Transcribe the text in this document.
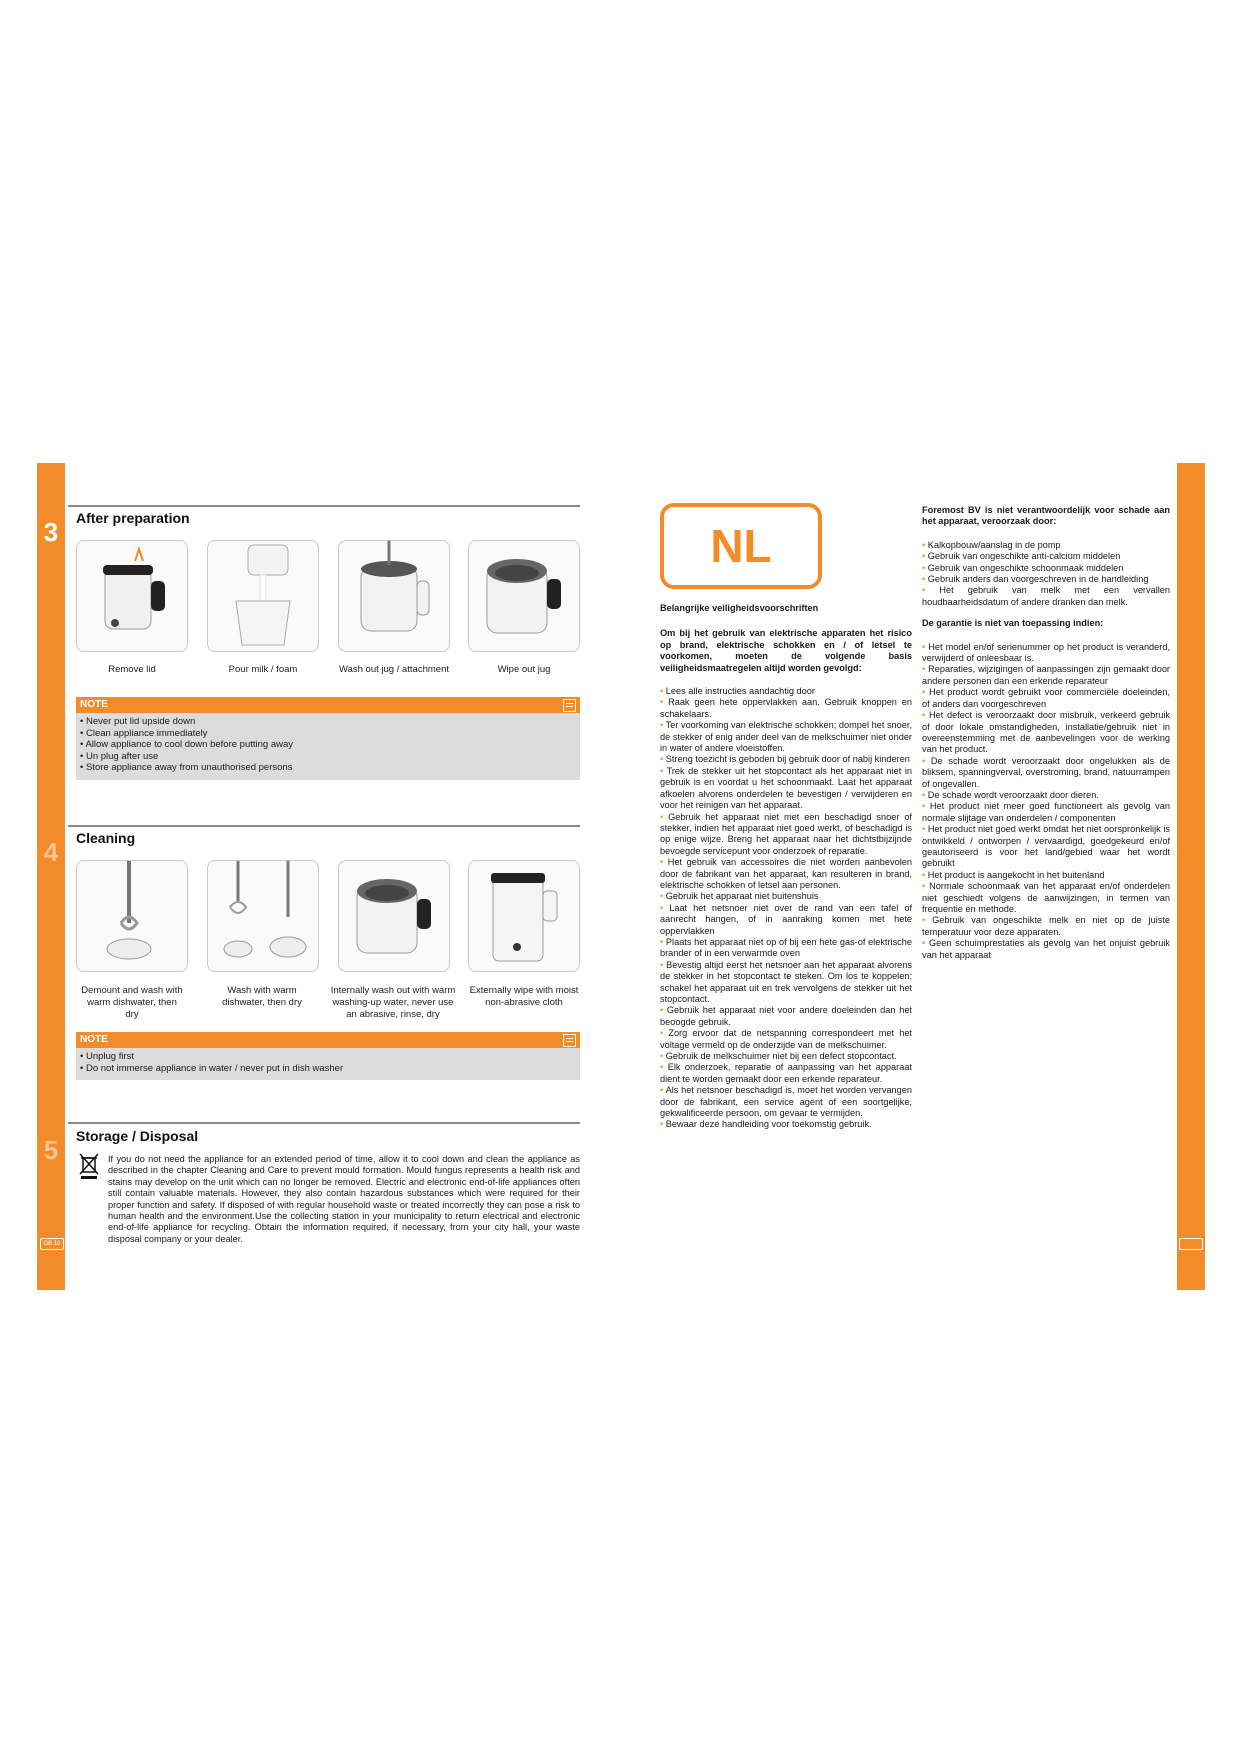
3	After preparation
Remove lid	Pour milk / foam	Wash out jug / attachment	Wipe out jug
NOTE
• Never put lid upside down
• Clean appliance immediately
• Allow appliance to cool down before putting away
• Un plug after use
• Store appliance away from unauthorised persons
4	Cleaning
Demount and wash with warm dishwater, then dry
Wash with warm dishwater, then dry
Internally wash out with warm washing-up water, never use an abrasive, rinse, dry
Externally wipe with moist non-abrasive cloth
NOTE
• Unplug first
• Do not immerse appliance in water / never put in dish washer
5	Storage / Disposal
If you do not need the appliance for an extended period of time, allow it to cool down and clean the appliance as described in the chapter Cleaning and Care to prevent mould formation. Mould fungus represents a health risk and stains may develop on the unit which can no longer be removed. Electric and electronic end-of-life appliances often still contain valuable materials. However, they also contain hazardous substances which were required for their proper function and safety. If disposed of with regular household waste or treated incorrectly they can pose a risk to human health and the environment.Use the collecting station in your municipality to return electrical and electronic end-of-life appliance for recycling. Obtain the information required, if necessary, from your city hall, your waste disposal company or your dealer.
GB 10
NL
Belangrijke veiligheidsvoorschriften
Om bij het gebruik van elektrische apparaten het risico op brand, elektrische schokken en / of letsel te voorkomen, moeten de volgende basis veiligheidsmaatregelen altijd worden gevolgd:
• Lees alle instructies aandachtig door
• Raak geen hete oppervlakken aan. Gebruik knoppen en schakelaars.
• Ter voorkoming van elektrische schokken; dompel het snoer, de stekker of enig ander deel van de melkschuimer niet onder in water of andere vloeistoffen.
• Streng toezicht is geboden bij gebruik door of nabij kinderen
• Trek de stekker uit het stopcontact als het apparaat niet in gebruik is en voordat u het schoonmaakt. Laat het apparaat afkoelen alvorens onderdelen te bevestigen / verwijderen en voor het reinigen van het apparaat.
• Gebruik het apparaat niet met een beschadigd snoer of stekker, indien het apparaat niet goed werkt, of beschadigd is op enige wijze. Breng het apparaat naar het dichtstbijzijnde bevoegde servicepunt voor onderzoek of reparatie.
• Het gebruik van accessoires die niet worden aanbevolen door de fabrikant van het apparaat, kan resulteren in brand, elektrische schokken of letsel aan personen.
• Gebruik het apparaat niet buitenshuis
• Laat het netsnoer niet over de rand van een tafel of aanrecht hangen, of in aanraking komen met hete oppervlakken
• Plaats het apparaat niet op of bij een hete gas-of elektrische brander of in een verwarmde oven
• Bevestig altijd eerst het netsnoer aan het apparaat alvorens de stekker in het stopcontact te steken. Om los te koppelen; schakel het apparaat uit en trek vervolgens de stekker uit het stopcontact.
• Gebruik het apparaat niet voor andere doeleinden dan het beoogde gebruik.
• Zorg ervoor dat de netspanning correspondeert met het voltage vermeld op de onderzijde van de melkschuimer.
• Gebruik de melkschuimer niet bij een defect stopcontact.
• Elk onderzoek, reparatie of aanpassing van het apparaat dient te worden gemaakt door een erkende reparateur.
• Als het netsnoer beschadigd is, moet het worden vervangen door de fabrikant, een service agent of een soortgelijke, gekwalificeerde persoon, om gevaar te vermijden.
• Bewaar deze handleiding voor toekomstig gebruik.
Foremost BV is niet verantwoordelijk voor schade aan het apparaat, veroorzaak door:
• Kalkopbouw/aanslag in de pomp
• Gebruik van ongeschikte anti-calcium middelen
• Gebruik van ongeschikte schoonmaak middelen
• Gebruik anders dan voorgeschreven in de handleiding
• Het gebruik van melk met een vervallen houdbaarheidsdatum of andere dranken dan melk.
De garantie is niet van toepassing indien:
• Het model en/of serienummer op het product is veranderd, verwijderd of onleesbaar is.
• Reparaties, wijzigingen of aanpassingen zijn gemaakt door andere personen dan een erkende reparateur
• Het product wordt gebruikt voor commerciële doeleinden, of anders dan voorgeschreven
• Het defect is veroorzaakt door misbruik, verkeerd gebruik of door lokale omstandigheden, installatie/gebruik niet in overeenstemming met de aanbevelingen voor de werking van het product.
• De schade wordt veroorzaakt door ongelukken als de bliksem, spanningverval, overstroming, brand, natuurrampen of ongevallen.
• De schade wordt veroorzaakt door dieren.
• Het product niet meer goed functioneert als gevolg van normale slijtage van onderdelen / componenten
• Het product niet goed werkt omdat het niet oorspronkelijk is ontwikkeld / ontworpen / vervaardigd, goedgekeurd en/of geautoriseerd is voor het land/gebied waar het wordt gebruikt
• Het product is aangekocht in het buitenland
• Normale schoonmaak van het apparaat en/of onderdelen niet geschiedt volgens de aanwijzingen, in termen van frequentie en methode.
• Gebruik van ongeschikte melk en niet op de juiste temperatuur voor deze apparaten.
• Geen schuimprestaties als gevolg van het onjuist gebruik van het apparaat
